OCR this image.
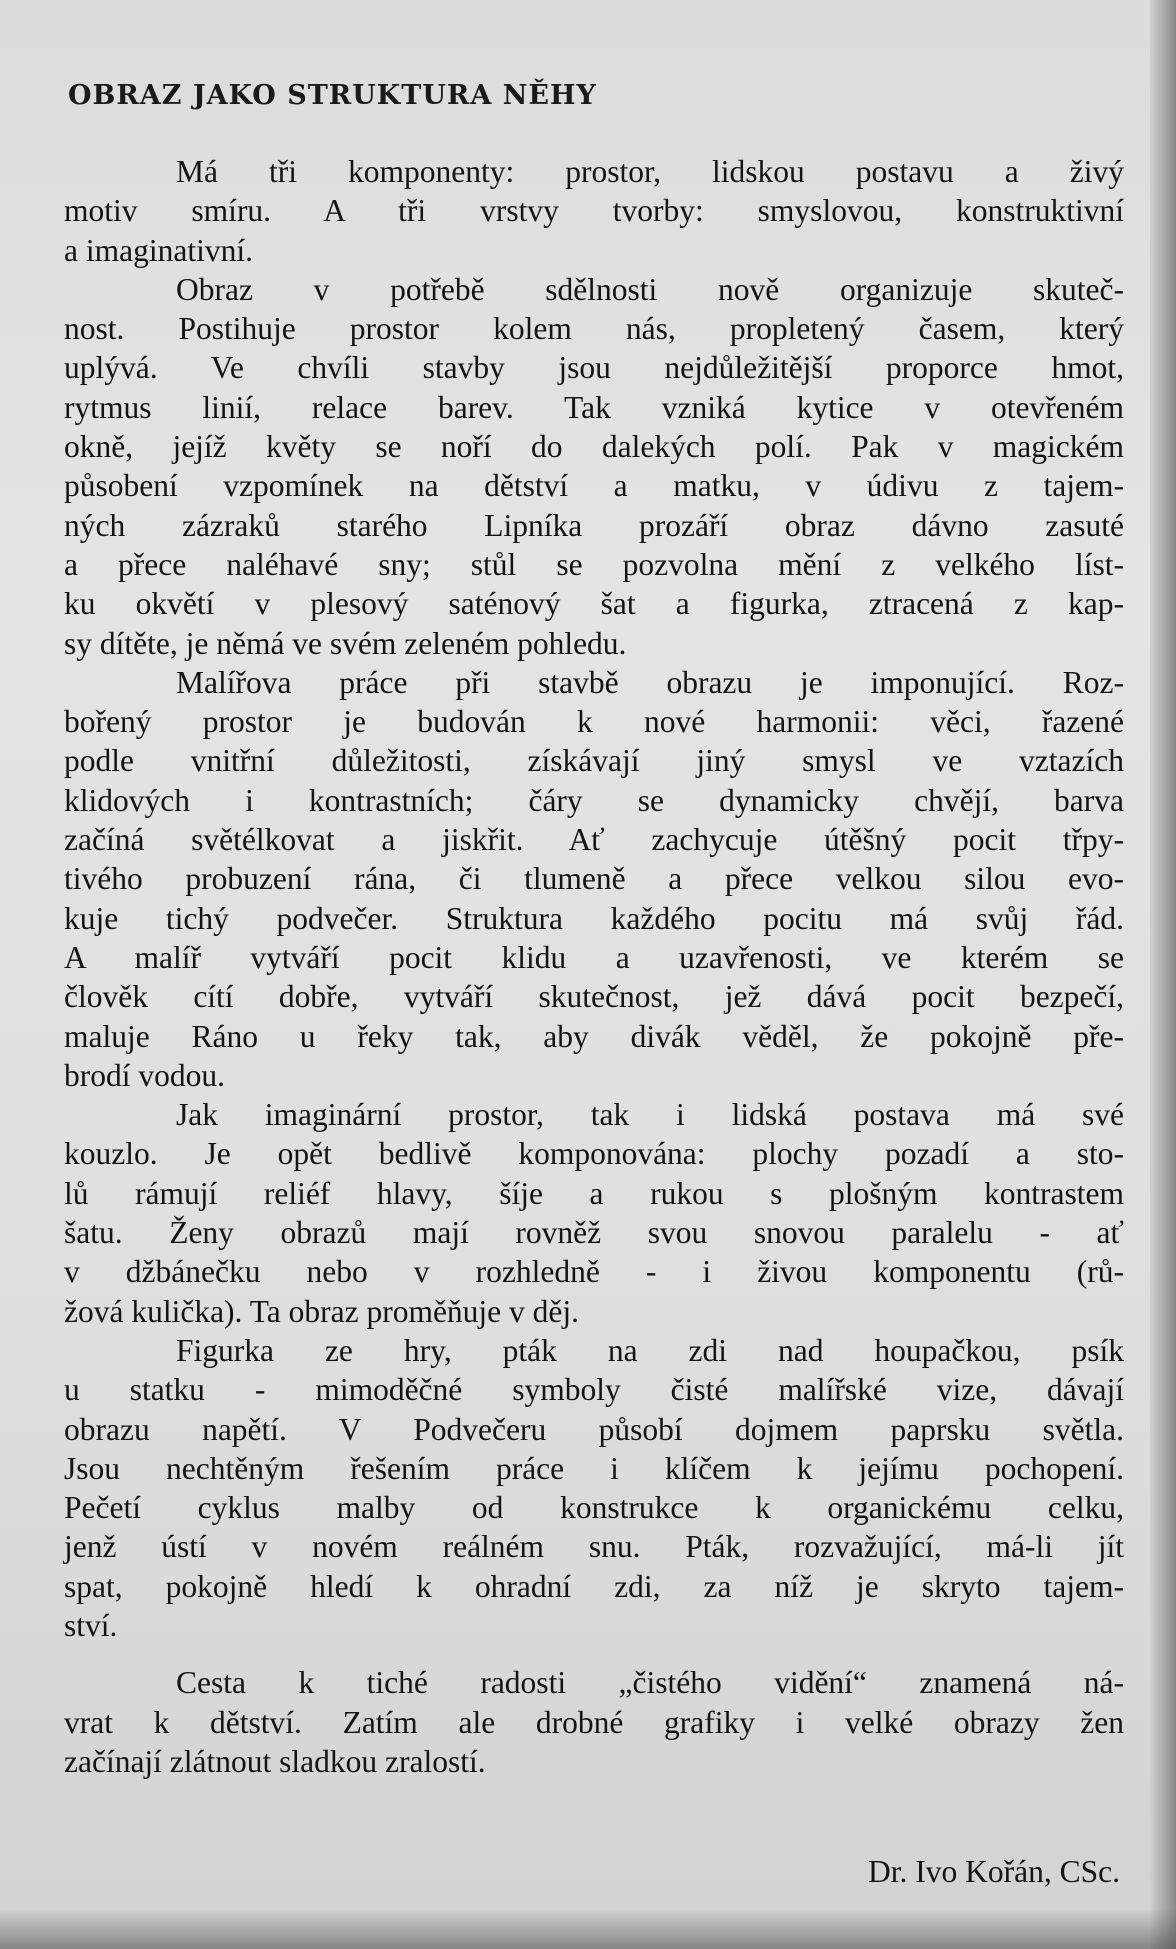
OBRAZ JAKO STRUKTURA NĚHY

Má tři komponenty: prostor, lidskou postavu a živý
motiv smíru. A tři vrstvy tvorby: smyslovou, konstruktivní
a imaginativní.

Obraz v potřebě sdělnosti nově organizuje skuteč-
nost. Postihuje prostor kolem nás, propletený časem, který
uplývá. Ve chvíli stavby jsou nejdůležitější proporce hmot,
rytmus linií, relace barev. Tak vzniká kytice v otevřeném
okně, jejíž květy se noří do dalekých polí. Pak v magickém
působení vzpomínek na dětství a matku, v údivu z tajem-
ných zázraků starého Lipníka prozáří obraz dávno zasuté
a přece naléhavé sny; stůl se pozvolna mění z velkého líst-
ku okvětí v plesový saténový šat a figurka, ztracená z kap-
sy dítěte, je němá ve svém zeleném pohledu.

Malířova práce při stavbě obrazu je imponující. Roz-
bořený prostor je budován k nové harmonii: věci, řazené
podle vnitřní důležitosti, získávají jiný smysl ve vztazích
klidových i kontrastních; čáry se dynamicky chvějí, barva
začíná světélkovat a jiskřit. Ať zachycuje útěšný pocit třpy-
tivého probuzení rána, či tlumeně a přece velkou silou evo-
kuje tichý podvečer. Struktura každého pocitu má svůj řád.
A malíř vytváří pocit klidu a uzavřenosti, ve kterém se
člověk cítí dobře, vytváří skutečnost, jež dává pocit bezpečí,
maluje Ráno u řeky tak, aby divák věděl, že pokojně pře-
brodí vodou.

Jak imaginární prostor, tak i lidská postava má své
kouzlo. Je opět bedlivě komponována: plochy pozadí a sto-
lů rámují reliéf hlavy, šíje a rukou s plošným kontrastem
šatu. Ženy obrazů mají rovněž svou snovou paralelu - ať
v džbánečku nebo v rozhledně - i živou komponentu (rů-
žová kulička). Ta obraz proměňuje v děj.

Figurka ze hry, pták na zdi nad houpačkou, psík
u statku - mimoděčné symboly čisté malířské vize, dávají
obrazu napětí. V Podvečeru působí dojmem paprsku světla.
Jsou nechtěným řešením práce i klíčem k jejímu pochopení.
Pečetí cyklus malby od konstrukce k organickému celku,
jenž ústí v novém reálném snu. Pták, rozvažující, má-li jít
spat, pokojně hledí k ohradní zdi, za níž je skryto tajem-
ství.

Cesta k tiché radosti „čistého vidění“ znamená ná-
vrat k dětství. Zatím ale drobné grafiky i velké obrazy žen
začínají zlátnout sladkou zralostí.

Dr. Ivo Kořán, CSc.
